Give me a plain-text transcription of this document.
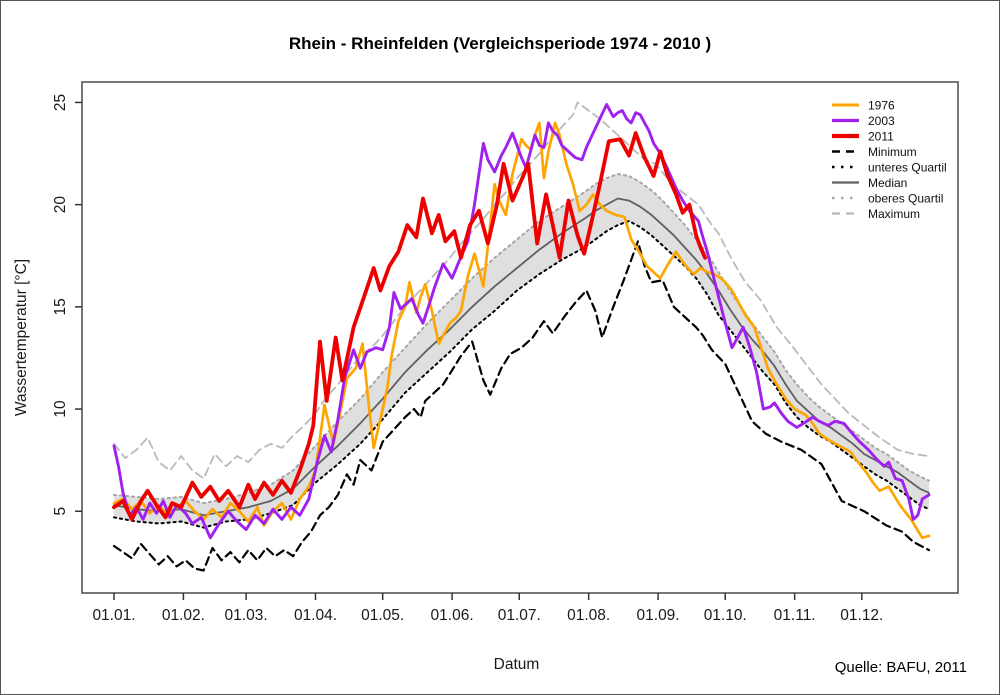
Rhein - Rheinfelden (Vergleichsperiode 1974 - 2010 )
01.01. 01.02. 01.03. 01.04. 01.05. 01.06. 01.07. 01.08. 01.09. 01.10. 01.11. 01.12.
5
10
15
20
25
Datum
Wassertemperatur [°C]
1976
2003
2011
Minimum
unteres Quartil
Median
oberes Quartil
Maximum
Quelle: BAFU, 2011
